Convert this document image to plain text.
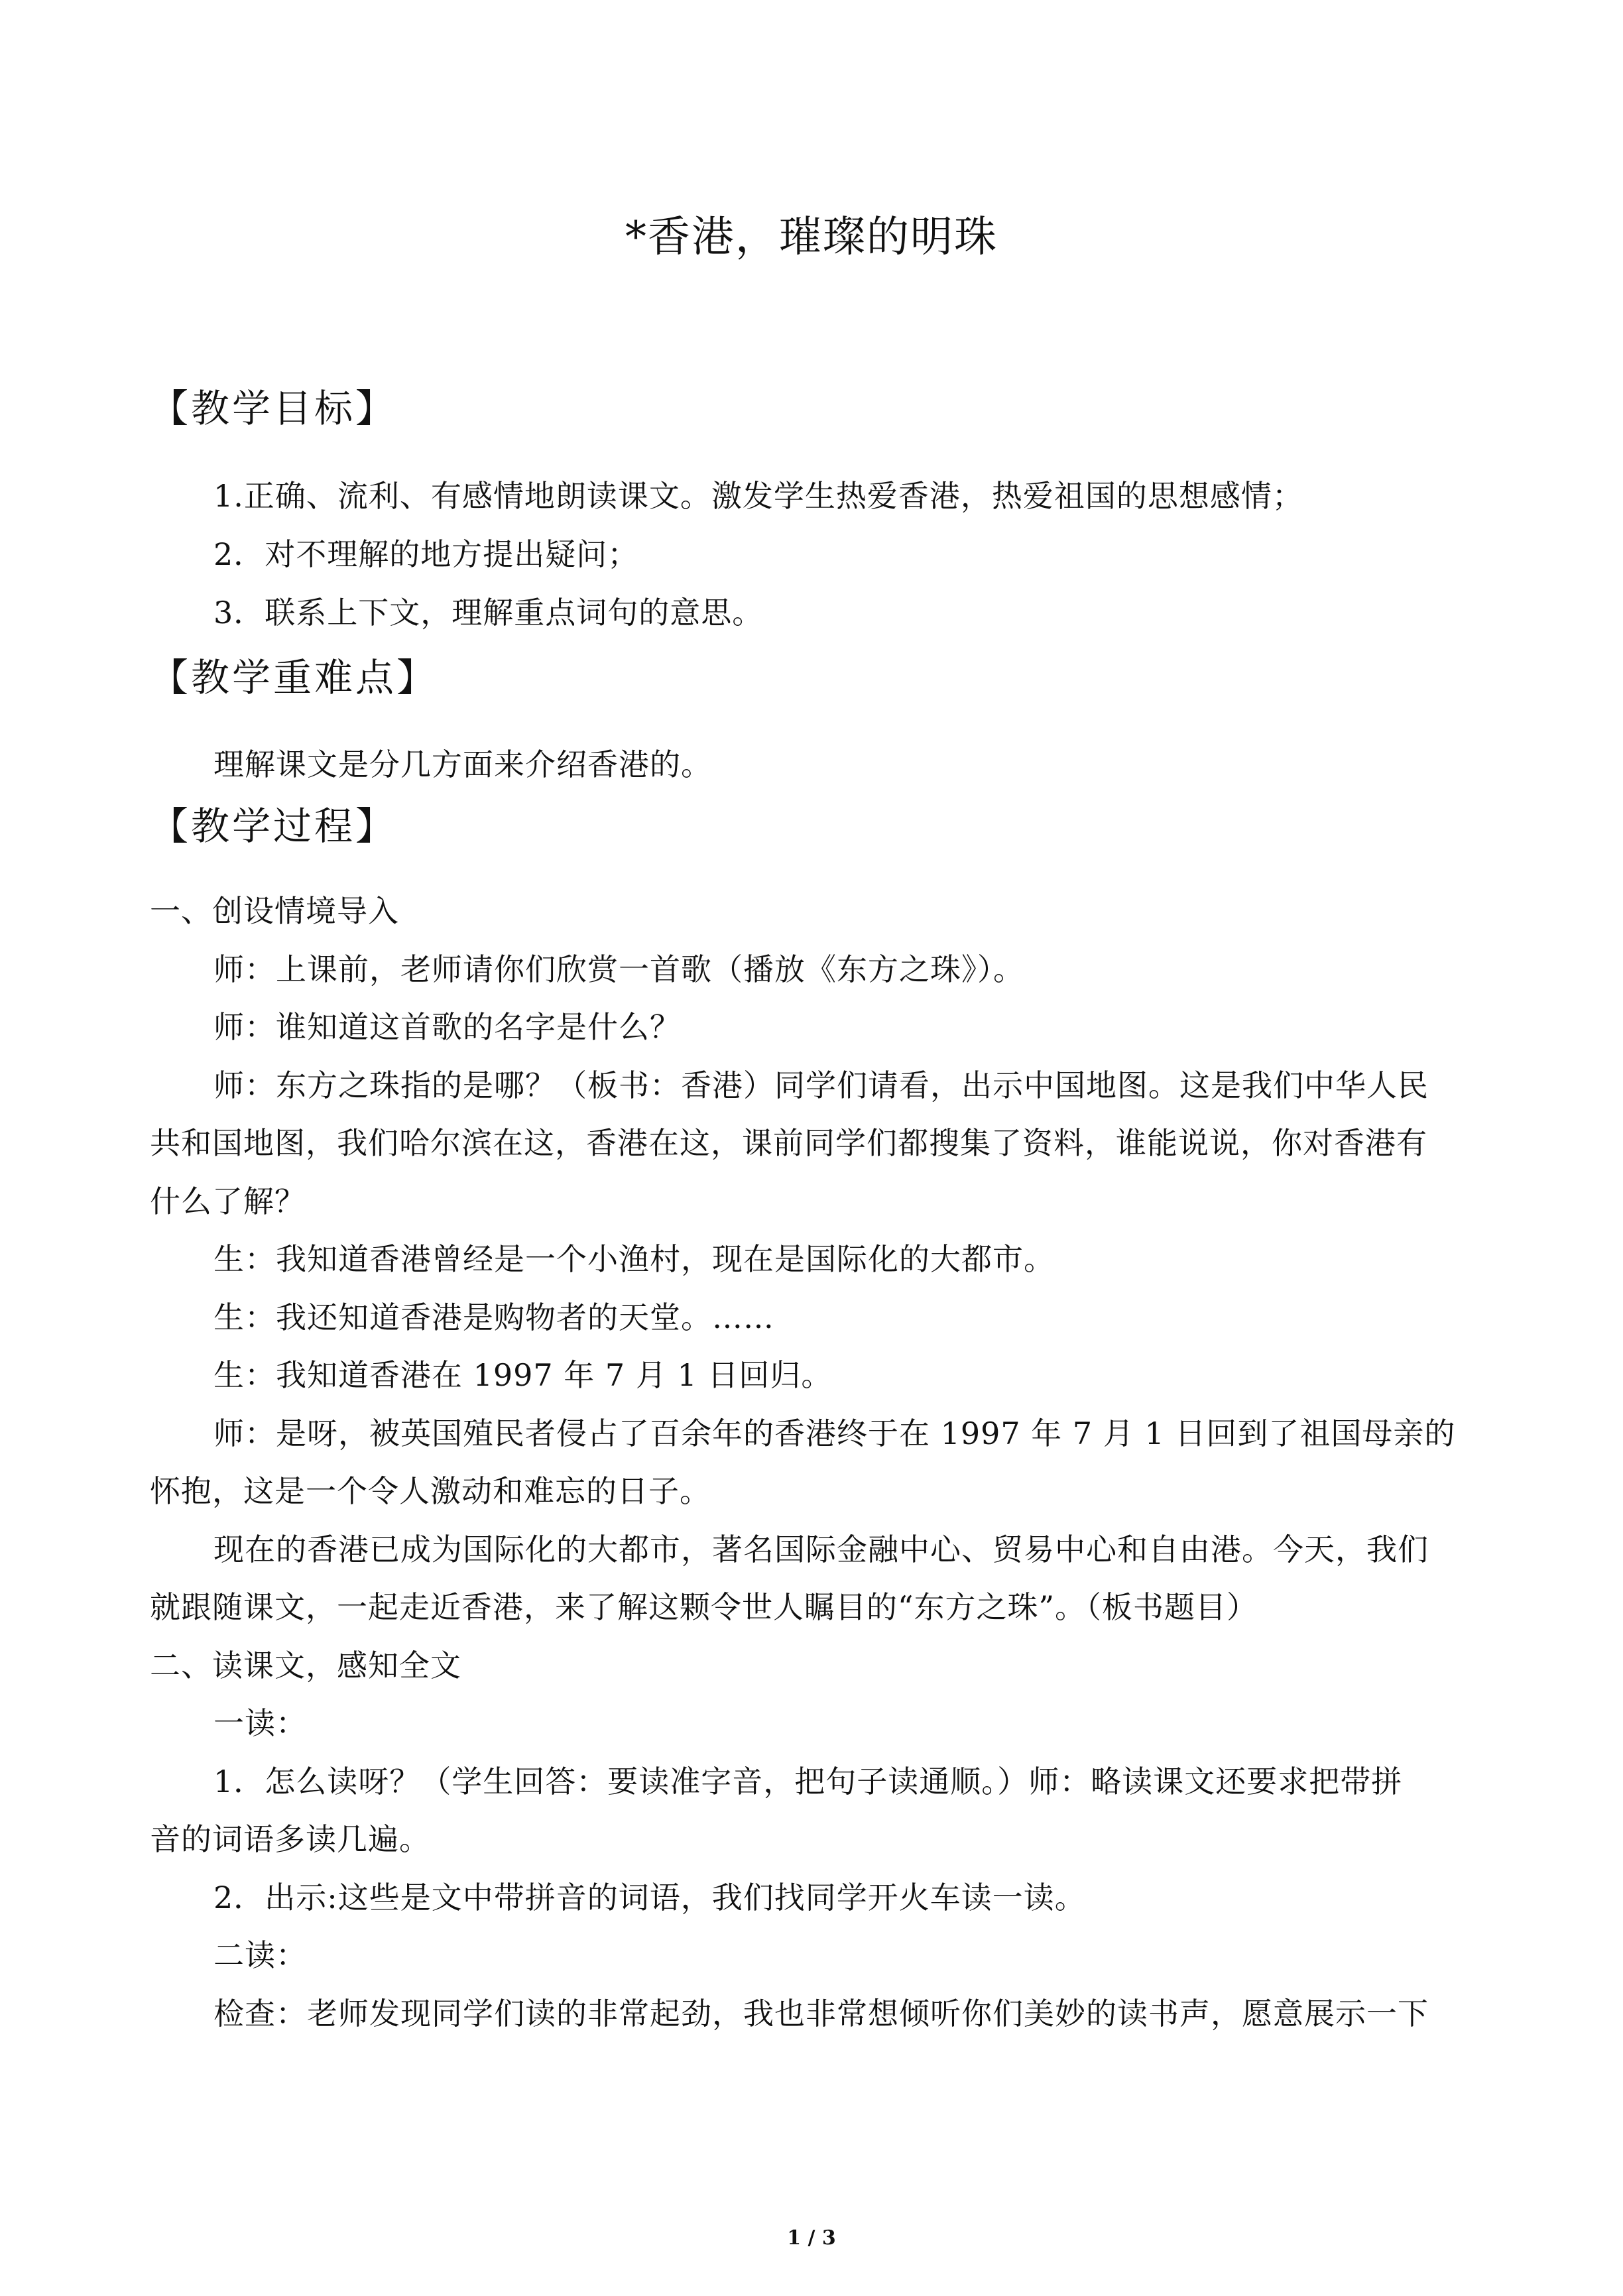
*香港，璀璨的明珠
【教学目标】
1.正确、流利、有感情地朗读课文。激发学生热爱香港，热爱祖国的思想感情；
2．对不理解的地方提出疑问；
3．联系上下文，理解重点词句的意思。
【教学重难点】
理解课文是分几方面来介绍香港的。
【教学过程】
一、创设情境导入
师：上课前，老师请你们欣赏一首歌（播放《东方之珠》）。
师：谁知道这首歌的名字是什么？
师：东方之珠指的是哪？（板书：香港）同学们请看，出示中国地图。这是我们中华人民
共和国地图，我们哈尔滨在这，香港在这，课前同学们都搜集了资料，谁能说说，你对香港有
什么了解？
生：我知道香港曾经是一个小渔村，现在是国际化的大都市。
生：我还知道香港是购物者的天堂。……
生：我知道香港在 1997 年 7 月 1 日回归。
师：是呀，被英国殖民者侵占了百余年的香港终于在 1997 年 7 月 1 日回到了祖国母亲的
怀抱，这是一个令人激动和难忘的日子。
现在的香港已成为国际化的大都市，著名国际金融中心、贸易中心和自由港。今天，我们
就跟随课文，一起走近香港，来了解这颗令世人瞩目的“东方之珠”。（板书题目）
二、读课文，感知全文
一读：
1．怎么读呀？（学生回答：要读准字音，把句子读通顺。）师：略读课文还要求把带拼
音的词语多读几遍。
2．出示:这些是文中带拼音的词语，我们找同学开火车读一读。
二读：
检查：老师发现同学们读的非常起劲，我也非常想倾听你们美妙的读书声，愿意展示一下
1 / 3
